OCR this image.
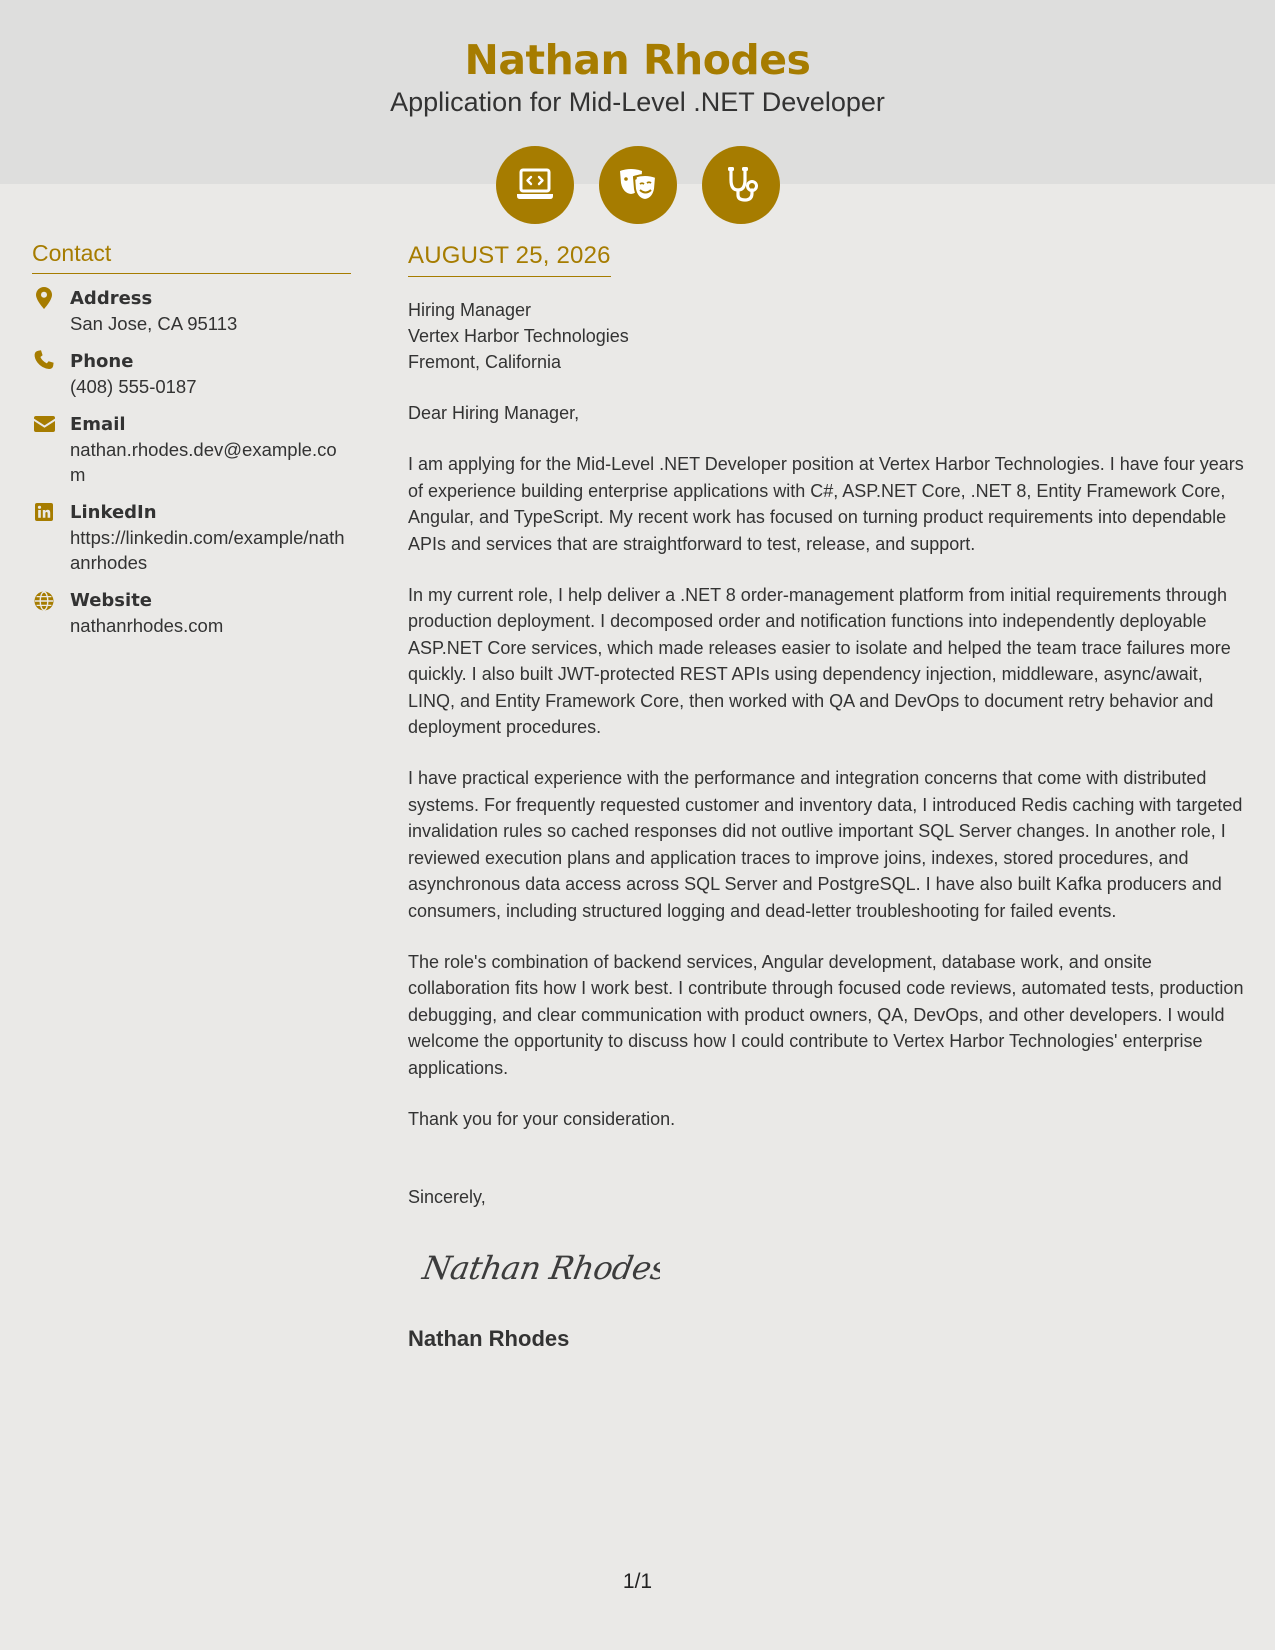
Nathan Rhodes
Application for Mid-Level .NET Developer
Contact
Address
San Jose, CA 95113
Phone
(408) 555-0187
Email
nathan.rhodes.dev@example.com
LinkedIn
https://linkedin.com/example/nathanrhodes
Website
nathanrhodes.com
AUGUST 25, 2026
Hiring Manager
Vertex Harbor Technologies
Fremont, California
Dear Hiring Manager,
I am applying for the Mid-Level .NET Developer position at Vertex Harbor Technologies. I have four years of experience building enterprise applications with C#, ASP.NET Core, .NET 8, Entity Framework Core, Angular, and TypeScript. My recent work has focused on turning product requirements into dependable APIs and services that are straightforward to test, release, and support.
In my current role, I help deliver a .NET 8 order-management platform from initial requirements through production deployment. I decomposed order and notification functions into independently deployable ASP.NET Core services, which made releases easier to isolate and helped the team trace failures more quickly. I also built JWT-protected REST APIs using dependency injection, middleware, async/await, LINQ, and Entity Framework Core, then worked with QA and DevOps to document retry behavior and deployment procedures.
I have practical experience with the performance and integration concerns that come with distributed systems. For frequently requested customer and inventory data, I introduced Redis caching with targeted invalidation rules so cached responses did not outlive important SQL Server changes. In another role, I reviewed execution plans and application traces to improve joins, indexes, stored procedures, and asynchronous data access across SQL Server and PostgreSQL. I have also built Kafka producers and consumers, including structured logging and dead-letter troubleshooting for failed events.
The role's combination of backend services, Angular development, database work, and onsite collaboration fits how I work best. I contribute through focused code reviews, automated tests, production debugging, and clear communication with product owners, QA, DevOps, and other developers. I would welcome the opportunity to discuss how I could contribute to Vertex Harbor Technologies' enterprise applications.
Thank you for your consideration.
Sincerely,
Nathan Rhodes
Nathan Rhodes
1/1
